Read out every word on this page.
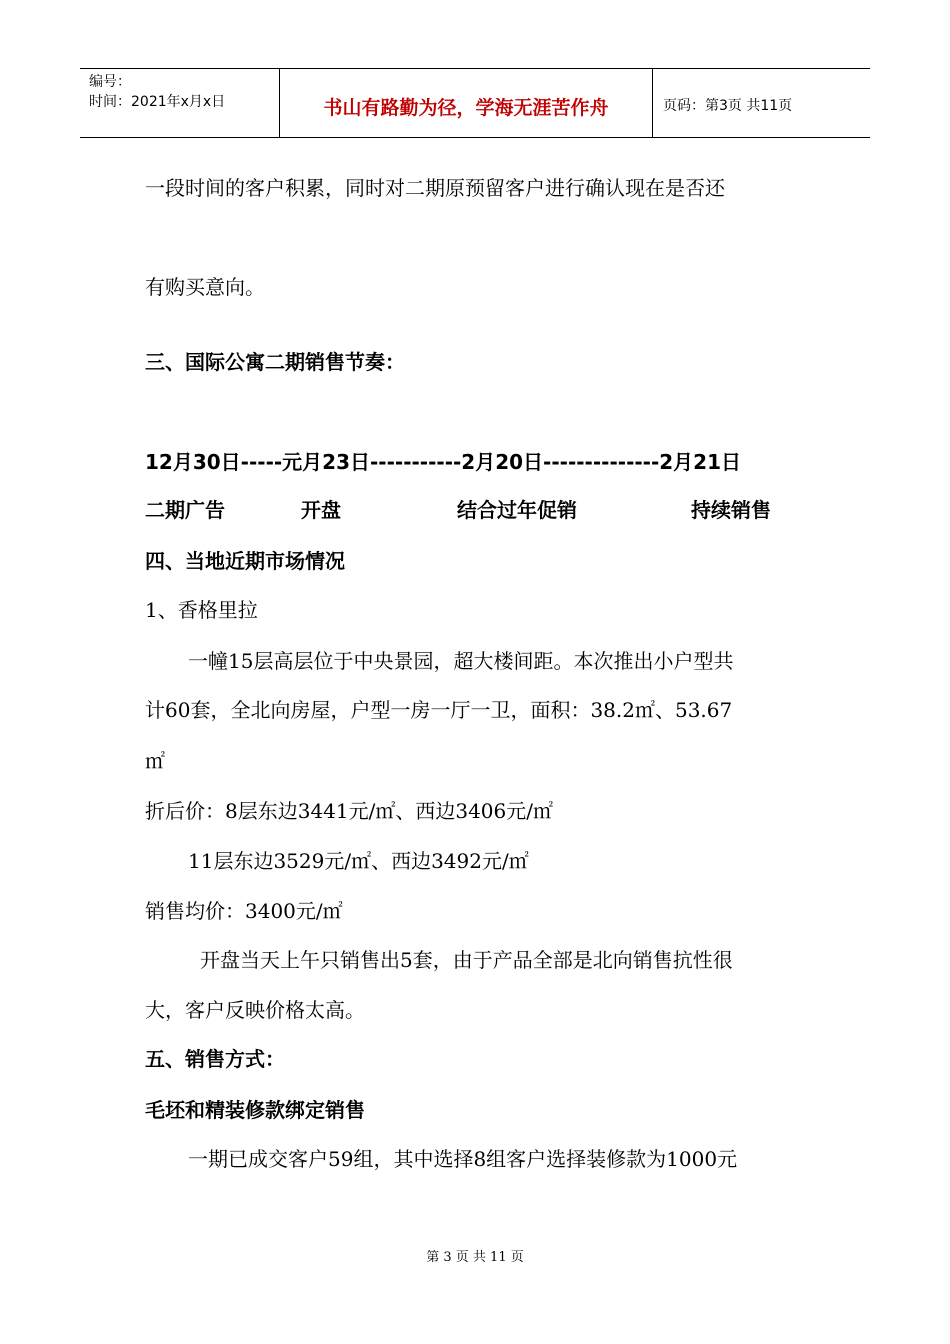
编号：
时间：2021年x月x日	书山有路勤为径，学海无涯苦作舟	页码：第3页 共11页
一段时间的客户积累，同时对二期原预留客户进行确认现在是否还
有购买意向。
三、国际公寓二期销售节奏：
12月30日-----元月23日-----------2月20日--------------2月21日
二期广告	开盘	结合过年促销	持续销售
四、当地近期市场情况
1、香格里拉
一幢15层高层位于中央景园，超大楼间距。本次推出小户型共
计60套，全北向房屋，户型一房一厅一卫，面积：38.2㎡、53.67
㎡
折后价：8层东边3441元/㎡、西边3406元/㎡
11层东边3529元/㎡、西边3492元/㎡
销售均价：3400元/㎡
开盘当天上午只销售出5套，由于产品全部是北向销售抗性很
大，客户反映价格太高。
五、销售方式：
毛坯和精装修款绑定销售
一期已成交客户59组，其中选择8组客户选择装修款为1000元
第 3 页 共 11 页
